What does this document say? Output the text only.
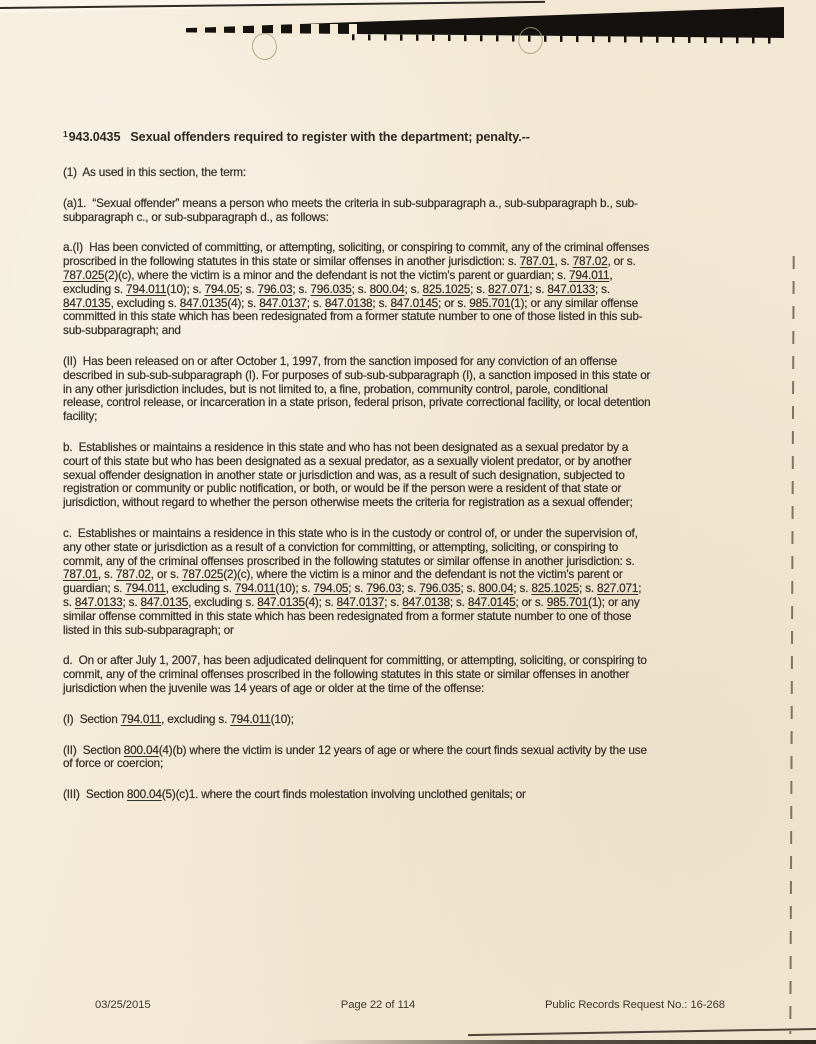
$^1$943.0435 Sexual offenders required to register with the department; penalty.--
(1)  As used in this section, the term:
(a)1.  “Sexual offender” means a person who meets the criteria in sub-subparagraph a., sub-subparagraph b., sub-subparagraph c., or sub-subparagraph d., as follows:
a.(I)  Has been convicted of committing, or attempting, soliciting, or conspiring to commit, any of the criminal offenses proscribed in the following statutes in this state or similar offenses in another jurisdiction: s. 787.01, s. 787.02, or s. 787.025(2)(c), where the victim is a minor and the defendant is not the victim's parent or guardian; s. 794.011, excluding s. 794.011(10); s. 794.05; s. 796.03; s. 796.035; s. 800.04; s. 825.1025; s. 827.071; s. 847.0133; s. 847.0135, excluding s. 847.0135(4); s. 847.0137; s. 847.0138; s. 847.0145; or s. 985.701(1); or any similar offense committed in this state which has been redesignated from a former statute number to one of those listed in this sub-sub-subparagraph; and
(II)  Has been released on or after October 1, 1997, from the sanction imposed for any conviction of an offense described in sub-sub-subparagraph (I). For purposes of sub-sub-subparagraph (I), a sanction imposed in this state or in any other jurisdiction includes, but is not limited to, a fine, probation, community control, parole, conditional release, control release, or incarceration in a state prison, federal prison, private correctional facility, or local detention facility;
b.  Establishes or maintains a residence in this state and who has not been designated as a sexual predator by a court of this state but who has been designated as a sexual predator, as a sexually violent predator, or by another sexual offender designation in another state or jurisdiction and was, as a result of such designation, subjected to registration or community or public notification, or both, or would be if the person were a resident of that state or jurisdiction, without regard to whether the person otherwise meets the criteria for registration as a sexual offender;
c.  Establishes or maintains a residence in this state who is in the custody or control of, or under the supervision of, any other state or jurisdiction as a result of a conviction for committing, or attempting, soliciting, or conspiring to commit, any of the criminal offenses proscribed in the following statutes or similar offense in another jurisdiction: s. 787.01, s. 787.02, or s. 787.025(2)(c), where the victim is a minor and the defendant is not the victim's parent or guardian; s. 794.011, excluding s. 794.011(10); s. 794.05; s. 796.03; s. 796.035; s. 800.04; s. 825.1025; s. 827.071; s. 847.0133; s. 847.0135, excluding s. 847.0135(4); s. 847.0137; s. 847.0138; s. 847.0145; or s. 985.701(1); or any similar offense committed in this state which has been redesignated from a former statute number to one of those listed in this sub-subparagraph; or
d.  On or after July 1, 2007, has been adjudicated delinquent for committing, or attempting, soliciting, or conspiring to commit, any of the criminal offenses proscribed in the following statutes in this state or similar offenses in another jurisdiction when the juvenile was 14 years of age or older at the time of the offense:
(I)  Section 794.011, excluding s. 794.011(10);
(II)  Section 800.04(4)(b) where the victim is under 12 years of age or where the court finds sexual activity by the use of force or coercion;
(III)  Section 800.04(5)(c)1. where the court finds molestation involving unclothed genitals; or
03/25/2015	Page 22 of 114	Public Records Request No.: 16-268
